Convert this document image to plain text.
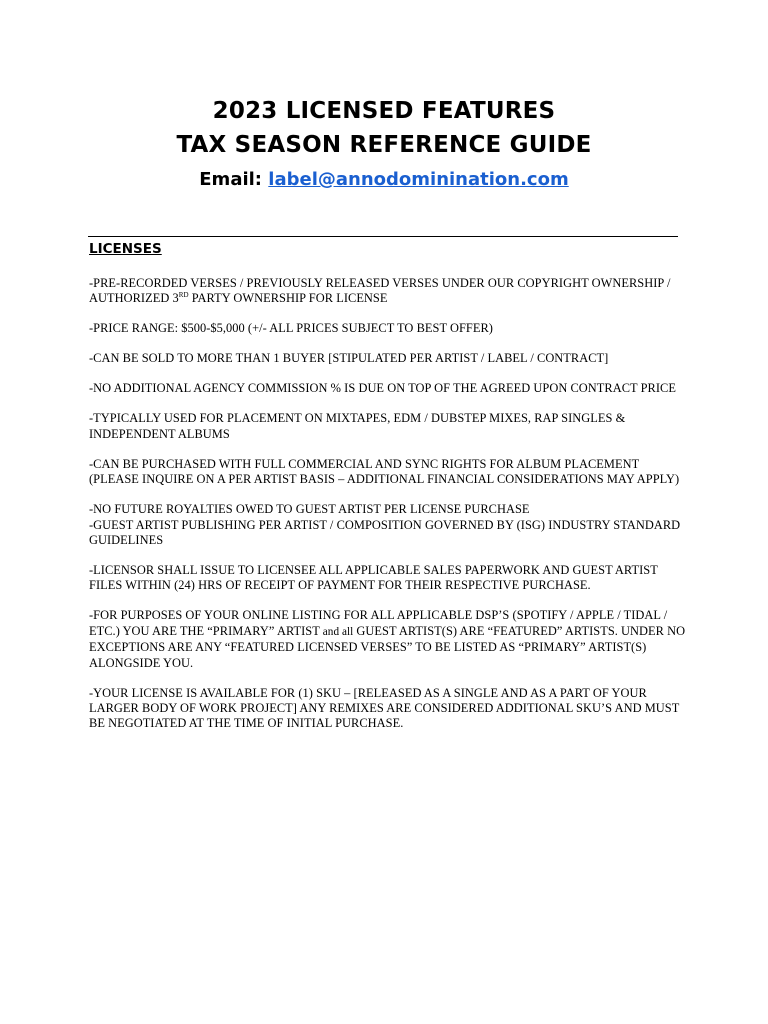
2023 LICENSED FEATURES
TAX SEASON REFERENCE GUIDE
Email: label@annodominination.com
LICENSES

-PRE-RECORDED VERSES / PREVIOUSLY RELEASED VERSES UNDER OUR COPYRIGHT OWNERSHIP / AUTHORIZED 3RD PARTY OWNERSHIP FOR LICENSE

-PRICE RANGE: $500-$5,000 (+/- ALL PRICES SUBJECT TO BEST OFFER)

-CAN BE SOLD TO MORE THAN 1 BUYER [STIPULATED PER ARTIST / LABEL / CONTRACT]

-NO ADDITIONAL AGENCY COMMISSION % IS DUE ON TOP OF THE AGREED UPON CONTRACT PRICE

-TYPICALLY USED FOR PLACEMENT ON MIXTAPES, EDM / DUBSTEP MIXES, RAP SINGLES & INDEPENDENT ALBUMS

-CAN BE PURCHASED WITH FULL COMMERCIAL AND SYNC RIGHTS FOR ALBUM PLACEMENT (PLEASE INQUIRE ON A PER ARTIST BASIS – ADDITIONAL FINANCIAL CONSIDERATIONS MAY APPLY)

-NO FUTURE ROYALTIES OWED TO GUEST ARTIST PER LICENSE PURCHASE

-GUEST ARTIST PUBLISHING PER ARTIST / COMPOSITION GOVERNED BY (ISG) INDUSTRY STANDARD GUIDELINES

-LICENSOR SHALL ISSUE TO LICENSEE ALL APPLICABLE SALES PAPERWORK AND GUEST ARTIST FILES WITHIN (24) HRS OF RECEIPT OF PAYMENT FOR THEIR RESPECTIVE PURCHASE.

-FOR PURPOSES OF YOUR ONLINE LISTING FOR ALL APPLICABLE DSP’S (SPOTIFY / APPLE / TIDAL / ETC.) YOU ARE THE “PRIMARY” ARTIST and all GUEST ARTIST(S) ARE “FEATURED” ARTISTS. UNDER NO EXCEPTIONS ARE ANY “FEATURED LICENSED VERSES” TO BE LISTED AS “PRIMARY” ARTIST(S) ALONGSIDE YOU.

-YOUR LICENSE IS AVAILABLE FOR (1) SKU – [RELEASED AS A SINGLE AND AS A PART OF YOUR LARGER BODY OF WORK PROJECT] ANY REMIXES ARE CONSIDERED ADDITIONAL SKU’S AND MUST BE NEGOTIATED AT THE TIME OF INITIAL PURCHASE.
